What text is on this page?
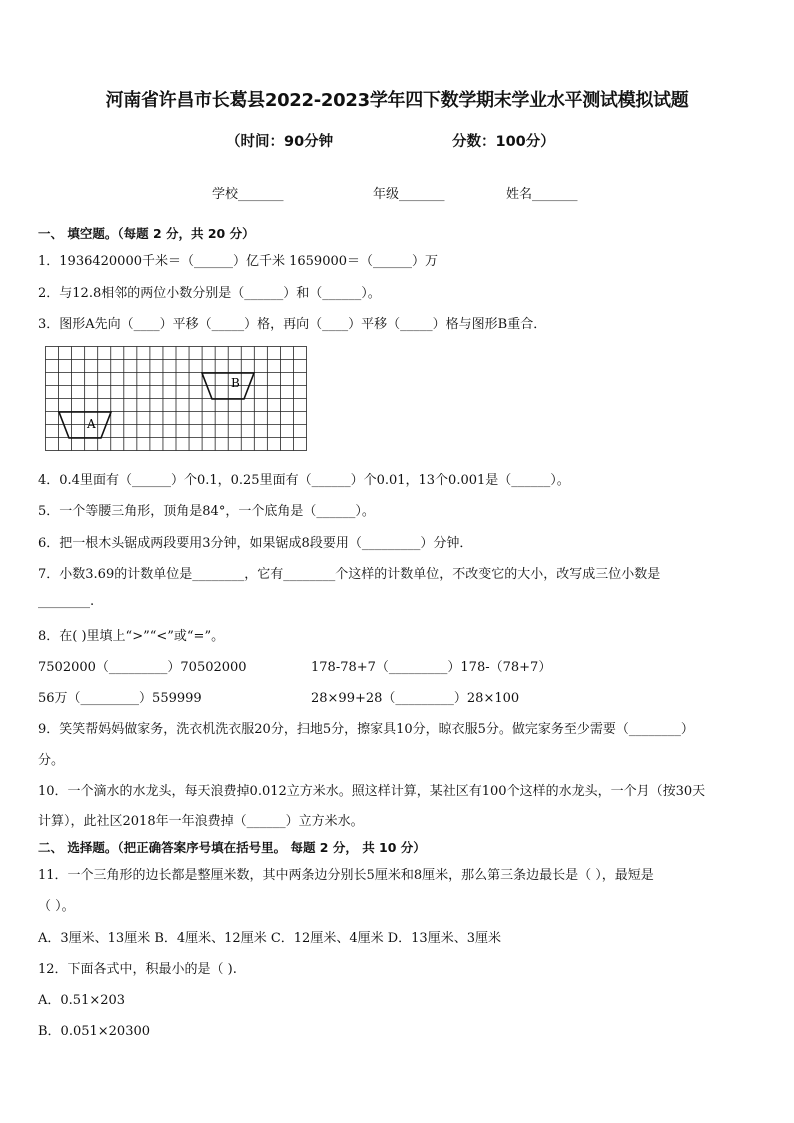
河南省许昌市长葛县2022-2023学年四下数学期末学业水平测试模拟试题
（时间：90分钟	分数：100分）
学校_______	年级_______	姓名_______
一、 填空题。（每题 2 分，共 20 分）
1．1936420000千米＝（______）亿千米 1659000＝（______）万
2．与12.8相邻的两位小数分别是（______）和（______）。
3．图形A先向（____）平移（_____）格，再向（____）平移（_____）格与图形B重合．
A
B
4．0.4里面有（______）个0.1，0.25里面有（______）个0.01，13个0.001是（______）。
5．一个等腰三角形，顶角是84°，一个底角是（______）。
6．把一根木头锯成两段要用3分钟，如果锯成8段要用（_________）分钟．
7．小数3.69的计数单位是________，它有________个这样的计数单位，不改变它的大小，改写成三位小数是
________.
8．在( )里填上“>”“<”或“=”。
7502000（_________）70502000	178-78+7（_________）178-（78+7）
56万（_________）559999	28×99+28（_________）28×100
9．笑笑帮妈妈做家务，洗衣机洗衣服20分，扫地5分，擦家具10分，晾衣服5分。做完家务至少需要（________）
分。
10．一个滴水的水龙头，每天浪费掉0.012立方米水。照这样计算，某社区有100个这样的水龙头，一个月（按30天
计算），此社区2018年一年浪费掉（______）立方米水。
二、 选择题。（把正确答案序号填在括号里。 每题 2 分， 共 10 分）
11．一个三角形的边长都是整厘米数，其中两条边分别长5厘米和8厘米，那么第三条边最长是（ ），最短是
（ ）。
A．3厘米、13厘米 B．4厘米、12厘米 C．12厘米、4厘米 D．13厘米、3厘米
12．下面各式中，积最小的是（ ).
A．0.51×203
B．0.051×20300
